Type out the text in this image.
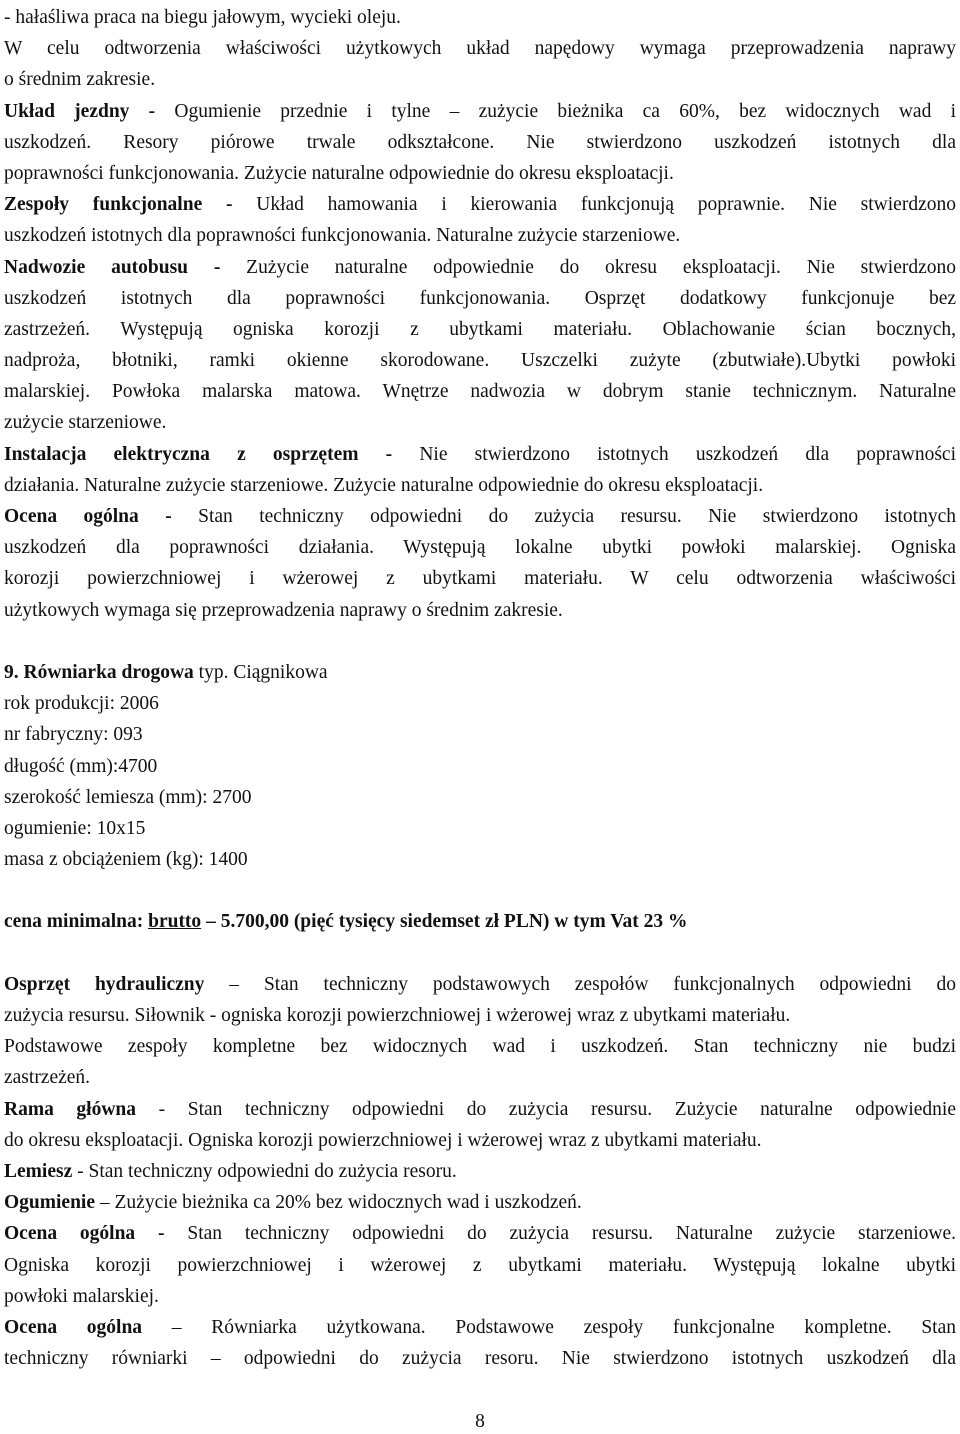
- hałaśliwa praca na biegu jałowym, wycieki oleju.
W celu odtworzenia właściwości użytkowych układ napędowy wymaga przeprowadzenia naprawy
o średnim zakresie.
Układ jezdny - Ogumienie przednie i tylne – zużycie bieżnika ca 60%, bez widocznych wad i
uszkodzeń. Resory piórowe trwale odkształcone. Nie stwierdzono uszkodzeń istotnych dla
poprawności funkcjonowania. Zużycie naturalne odpowiednie do okresu eksploatacji.
Zespoły funkcjonalne - Układ hamowania i kierowania funkcjonują poprawnie. Nie stwierdzono
uszkodzeń istotnych dla poprawności funkcjonowania. Naturalne zużycie starzeniowe.
Nadwozie autobusu - Zużycie naturalne odpowiednie do okresu eksploatacji. Nie stwierdzono
uszkodzeń istotnych dla poprawności funkcjonowania. Osprzęt dodatkowy funkcjonuje bez
zastrzeżeń. Występują ogniska korozji z ubytkami materiału. Oblachowanie ścian bocznych,
nadproża, błotniki, ramki okienne skorodowane. Uszczelki zużyte (zbutwiałe).Ubytki powłoki
malarskiej. Powłoka malarska matowa. Wnętrze nadwozia w dobrym stanie technicznym. Naturalne
zużycie starzeniowe.
Instalacja elektryczna z osprzętem - Nie stwierdzono istotnych uszkodzeń dla poprawności
działania. Naturalne zużycie starzeniowe. Zużycie naturalne odpowiednie do okresu eksploatacji.
Ocena ogólna - Stan techniczny odpowiedni do zużycia resursu. Nie stwierdzono istotnych
uszkodzeń dla poprawności działania. Występują lokalne ubytki powłoki malarskiej. Ogniska
korozji powierzchniowej i wżerowej z ubytkami materiału. W celu odtworzenia właściwości
użytkowych wymaga się przeprowadzenia naprawy o średnim zakresie.
9. Równiarka drogowa typ. Ciągnikowa
rok produkcji: 2006
nr fabryczny: 093
długość (mm):4700
szerokość lemiesza (mm): 2700
ogumienie: 10x15
masa z obciążeniem (kg): 1400
cena minimalna: brutto – 5.700,00 (pięć tysięcy siedemset zł PLN) w tym Vat 23 %
Osprzęt hydrauliczny – Stan techniczny podstawowych zespołów funkcjonalnych odpowiedni do
zużycia resursu. Siłownik - ogniska korozji powierzchniowej i wżerowej wraz z ubytkami materiału.
Podstawowe zespoły kompletne bez widocznych wad i uszkodzeń. Stan techniczny nie budzi
zastrzeżeń.
Rama główna - Stan techniczny odpowiedni do zużycia resursu. Zużycie naturalne odpowiednie
do okresu eksploatacji. Ogniska korozji powierzchniowej i wżerowej wraz z ubytkami materiału.
Lemiesz - Stan techniczny odpowiedni do zużycia resoru.
Ogumienie – Zużycie bieżnika ca 20% bez widocznych wad i uszkodzeń.
Ocena ogólna - Stan techniczny odpowiedni do zużycia resursu. Naturalne zużycie starzeniowe.
Ogniska korozji powierzchniowej i wżerowej z ubytkami materiału. Występują lokalne ubytki
powłoki malarskiej.
Ocena ogólna – Równiarka użytkowana. Podstawowe zespoły funkcjonalne kompletne. Stan
techniczny równiarki – odpowiedni do zużycia resoru. Nie stwierdzono istotnych uszkodzeń dla
8
